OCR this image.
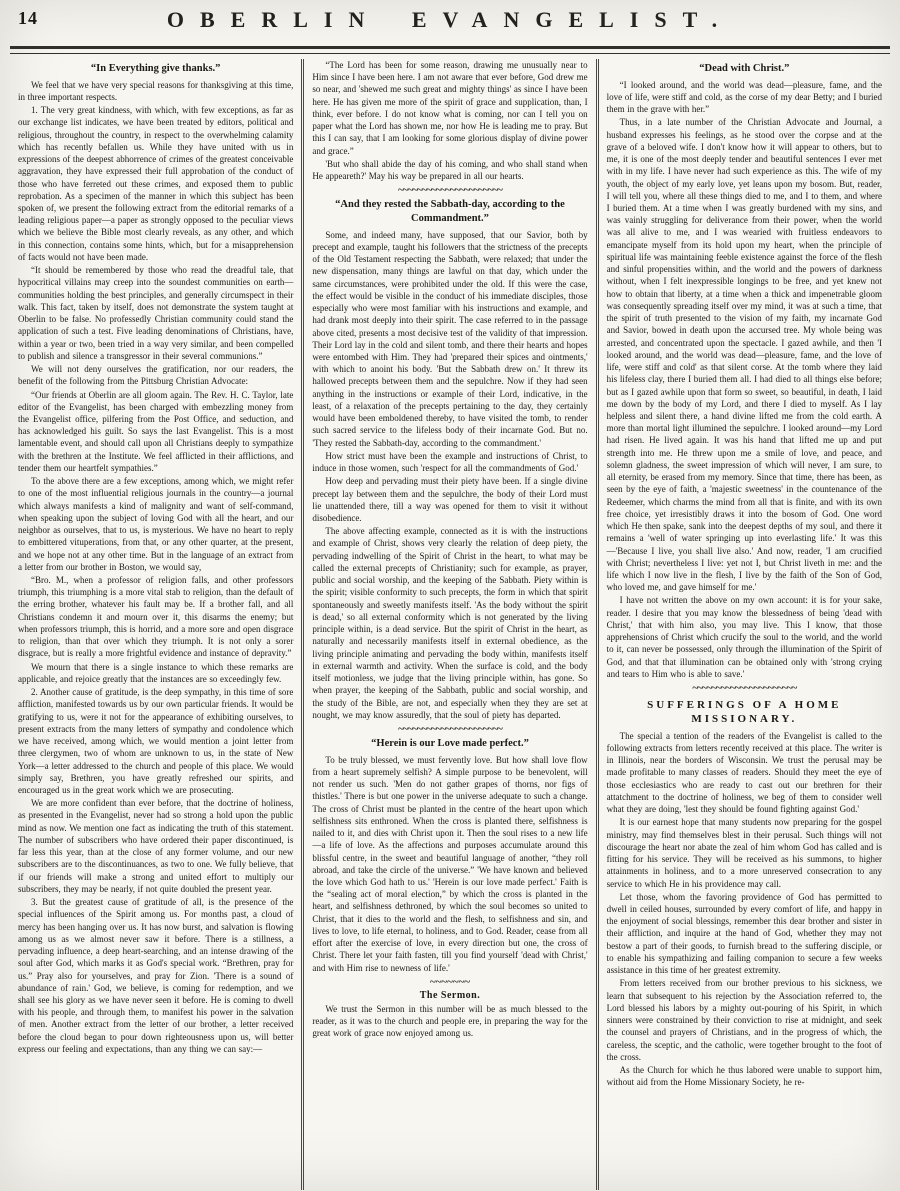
14	OBERLIN EVANGELIST.
“In Everything give thanks.”

We feel that we have very special reasons for thanksgiving at this time, in three important respects.

1. The very great kindness, with which, with few exceptions, as far as our exchange list indicates, we have been treated by editors, political and religious, throughout the country, in respect to the overwhelming calamity which has recently befallen us. While they have united with us in expressions of the deepest abhorrence of crimes of the greatest conceivable aggravation, they have expressed their full approbation of the conduct of those who have ferreted out these crimes, and exposed them to public reprobation. As a specimen of the manner in which this subject has been spoken of, we present the following extract from the editorial remarks of a leading religious paper—a paper as strongly opposed to the peculiar views which we believe the Bible most clearly reveals, as any other, and which in this connection, contains some hints, which, but for a misapprehension of facts would not have been made.

“It should be remembered by those who read the dreadful tale, that hypocritical villains may creep into the soundest communities on earth—communities holding the best principles, and generally circumspect in their walk. This fact, taken by itself, does not demonstrate the system taught at Oberlin to be false. No professedly Christian community could stand the application of such a test. Five leading denominations of Christians, have, within a year or two, been tried in a way very similar, and been compelled to publish and silence a transgressor in their several communions.”

We will not deny ourselves the gratification, nor our readers, the benefit of the following from the Pittsburg Christian Advocate:

“Our friends at Oberlin are all gloom again. The Rev. H. C. Taylor, late editor of the Evangelist, has been charged with embezzling money from the Evangelist office, pilfering from the Post Office, and seduction, and has acknowledged his guilt. So says the last Evangelist. This is a most lamentable event, and should call upon all Christians deeply to sympathize with the brethren at the Institute. We feel afflicted in their afflictions, and tender them our heartfelt sympathies.”

To the above there are a few exceptions, among which, we might refer to one of the most influential religious journals in the country—a journal which always manifests a kind of malignity and want of self-command, when speaking upon the subject of loving God with all the heart, and our neighbor as ourselves, that to us, is mysterious. We have no heart to reply to embittered vituperations, from that, or any other quarter, at the present, and we hope not at any other time. But in the language of an extract from a letter from our brother in Boston, we would say,

“Bro. M., when a professor of religion falls, and other professors triumph, this triumphing is a more vital stab to religion, than the default of the erring brother, whatever his fault may be. If a brother fall, and all Christians condemn it and mourn over it, this disarms the enemy; but when professors triumph, this is horrid, and a more sore and open disgrace to religion, than that over which they triumph. It is not only a sorer disgrace, but is really a more frightful evidence and instance of depravity.”

We mourn that there is a single instance to which these remarks are applicable, and rejoice greatly that the instances are so exceedingly few.

2. Another cause of gratitude, is the deep sympathy, in this time of sore affliction, manifested towards us by our own particular friends. It would be gratifying to us, were it not for the appearance of exhibiting ourselves, to present extracts from the many letters of sympathy and condolence which we have received, among which, we would mention a joint letter from three clergymen, two of whom are unknown to us, in the state of New York—a letter addressed to the church and people of this place. We would simply say, Brethren, you have greatly refreshed our spirits, and encouraged us in the great work which we are prosecuting.

We are more confident than ever before, that the doctrine of holiness, as presented in the Evangelist, never had so strong a hold upon the public mind as now. We mention one fact as indicating the truth of this statement. The number of subscribers who have ordered their paper discontinued, is far less this year, than at the close of any former volume, and our new subscribers are to the discontinuances, as two to one. We fully believe, that if our friends will make a strong and united effort to multiply our subscribers, they may be nearly, if not quite doubled the present year.

3. But the greatest cause of gratitude of all, is the presence of the special influences of the Spirit among us. For months past, a cloud of mercy has been hanging over us. It has now burst, and salvation is flowing among us as we almost never saw it before. There is a stillness, a pervading influence, a deep heart-searching, and an intense drawing of the soul after God, which marks it as God's special work. “Brethren, pray for us.” Pray also for yourselves, and pray for Zion. 'There is a sound of abundance of rain.' God, we believe, is coming for redemption, and we shall see his glory as we have never seen it before. He is coming to dwell with his people, and through them, to manifest his power in the salvation of men. Another extract from the letter of our brother, a letter received before the cloud began to pour down righteousness upon us, will better express our feeling and expectations, than any thing we can say:—

“The Lord has been for some reason, drawing me unusually near to Him since I have been here. I am not aware that ever before, God drew me so near, and 'shewed me such great and mighty things' as since I have been here. He has given me more of the spirit of grace and supplication, than, I think, ever before. I do not know what is coming, nor can I tell you on paper what the Lord has shown me, nor how He is leading me to pray. But this I can say, that I am looking for some glorious display of divine power and grace.”

'But who shall abide the day of his coming, and who shall stand when He appeareth?' May his way be prepared in all our hearts.

~~~~~~~~~~~~~~~~~~~~~~
“And they rested the Sabbath-day, according to the Commandment.”

Some, and indeed many, have supposed, that our Savior, both by precept and example, taught his followers that the strictness of the precepts of the Old Testament respecting the Sabbath, were relaxed; that under the new dispensation, many things are lawful on that day, which under the same circumstances, were prohibited under the old. If this were the case, the effect would be visible in the conduct of his immediate disciples, those especially who were most familiar with his instructions and example, and had drank most deeply into their spirit. The case referred to in the passage above cited, presents a most decisive test of the validity of that impression. Their Lord lay in the cold and silent tomb, and there their hearts and hopes were entombed with Him. They had 'prepared their spices and ointments,' with which to anoint his body. 'But the Sabbath drew on.' It threw its hallowed precepts between them and the sepulchre. Now if they had seen anything in the instructions or example of their Lord, indicative, in the least, of a relaxation of the precepts pertaining to the day, they certainly would have been emboldened thereby, to have visited the tomb, to render such sacred service to the lifeless body of their incarnate God. But no. 'They rested the Sabbath-day, according to the commandment.'

How strict must have been the example and instructions of Christ, to induce in those women, such 'respect for all the commandments of God.'

How deep and pervading must their piety have been. If a single divine precept lay between them and the sepulchre, the body of their Lord must lie unattended there, till a way was opened for them to visit it without disobedience.

The above affecting example, connected as it is with the instructions and example of Christ, shows very clearly the relation of deep piety, the pervading indwelling of the Spirit of Christ in the heart, to what may be called the external precepts of Christianity; such for example, as prayer, public and social worship, and the keeping of the Sabbath. Piety within is the spirit; visible conformity to such precepts, the form in which that spirit spontaneously and sweetly manifests itself. 'As the body without the spirit is dead,' so all external conformity which is not generated by the living principle within, is a dead service. But the spirit of Christ in the heart, as naturally and necessarily manifests itself in external obedience, as the living principle animating and pervading the body within, manifests itself in external warmth and activity. When the surface is cold, and the body itself motionless, we judge that the living principle within, has gone. So when prayer, the keeping of the Sabbath, public and social worship, and the study of the Bible, are not, and especially when they they are set at nought, we may know assuredly, that the soul of piety has departed.

~~~~~~~~~~~~~~~~~~~~~~
“Herein is our Love made perfect.”

To be truly blessed, we must fervently love. But how shall love flow from a heart supremely selfish? A simple purpose to be benevolent, will not render us such. 'Men do not gather grapes of thorns, nor figs of thistles.' There is but one power in the universe adequate to such a change. The cross of Christ must be planted in the centre of the heart upon which selfishness sits enthroned. When the cross is planted there, selfishness is nailed to it, and dies with Christ upon it. Then the soul rises to a new life—a life of love. As the affections and purposes accumulate around this blissful centre, in the sweet and beautiful language of another, “they roll abroad, and take the circle of the universe.” 'We have known and believed the love which God hath to us.' 'Herein is our love made perfect.' Faith is the “sealing act of moral election,” by which the cross is planted in the heart, and selfishness dethroned, by which the soul becomes so united to Christ, that it dies to the world and the flesh, to selfishness and sin, and lives to love, to life eternal, to holiness, and to God. Reader, cease from all effort after the exercise of love, in every direction but one, the cross of Christ. There let your faith fasten, till you find yourself 'dead with Christ,' and with Him rise to newness of life.'

~~~~~~~
The Sermon.

We trust the Sermon in this number will be as much blessed to the reader, as it was to the church and people ere, in preparing the way for the great work of grace now enjoyed among us.

“Dead with Christ.”

“I looked around, and the world was dead—pleasure, fame, and the love of life, were stiff and cold, as the corse of my dear Betty; and I buried them in the grave with her.”

Thus, in a late number of the Christian Advocate and Journal, a husband expresses his feelings, as he stood over the corpse and at the grave of a beloved wife. I don't know how it will appear to others, but to me, it is one of the most deeply tender and beautiful sentences I ever met with in my life. I have never had such experience as this. The wife of my youth, the object of my early love, yet leans upon my bosom. But, reader, I will tell you, where all these things died to me, and I to them, and where I buried them. At a time when I was greatly burdened with my sins, and was vainly struggling for deliverance from their power, when the world was all alive to me, and I was wearied with fruitless endeavors to emancipate myself from its hold upon my heart, when the principle of spiritual life was maintaining feeble existence against the force of the flesh and sinful propensities within, and the world and the powers of darkness without, when I felt inexpressible longings to be free, and yet knew not how to obtain that liberty, at a time when a thick and impenetrable gloom was consequently spreading itself over my mind, it was at such a time, that the spirit of truth presented to the vision of my faith, my incarnate God and Savior, bowed in death upon the accursed tree. My whole being was arrested, and concentrated upon the spectacle. I gazed awhile, and then 'I looked around, and the world was dead—pleasure, fame, and the love of life, were stiff and cold' as that silent corse. At the tomb where they laid his lifeless clay, there I buried them all. I had died to all things else before; but as I gazed awhile upon that form so sweet, so beautiful, in death, I laid me down by the body of my Lord, and there I died to myself. As I lay helpless and silent there, a hand divine lifted me from the cold earth. A more than mortal light illumined the sepulchre. I looked around—my Lord had risen. He lived again. It was his hand that lifted me up and put strength into me. He threw upon me a smile of love, and peace, and solemn gladness, the sweet impression of which will never, I am sure, to all eternity, be erased from my memory. Since that time, there has been, as seen by the eye of faith, a 'majestic sweetness' in the countenance of the Redeemer, which charms the mind from all that is finite, and with its own free choice, yet irresistibly draws it into the bosom of God. One word which He then spake, sank into the deepest depths of my soul, and there it remains a 'well of water springing up into everlasting life.' It was this—'Because I live, you shall live also.' And now, reader, 'I am crucified with Christ; nevertheless I live: yet not I, but Christ liveth in me: and the life which I now live in the flesh, I live by the faith of the Son of God, who loved me, and gave himself for me.'

I have not written the above on my own account: it is for your sake, reader. I desire that you may know the blessedness of being 'dead with Christ,' that with him also, you may live. This I know, that those apprehensions of Christ which crucify the soul to the world, and the world to it, can never be possessed, only through the illumination of the Spirit of God, and that that illumination can be obtained only with 'strong crying and tears to Him who is able to save.'

~~~~~~~~~~~~~~~~~~~~~~
SUFFERINGS OF A HOME MISSIONARY.

The special a tention of the readers of the Evangelist is called to the following extracts from letters recently received at this place. The writer is in Illinois, near the borders of Wisconsin. We trust the perusal may be made profitable to many classes of readers. Should they meet the eye of those ecclesiastics who are ready to cast out our brethren for their attatchment to the doctrine of holiness, we beg of them to consider well what they are doing, 'lest they should be found fighting against God.'

It is our earnest hope that many students now preparing for the gospel ministry, may find themselves blest in their perusal. Such things will not discourage the heart nor abate the zeal of him whom God has called and is fitting for his service. They will be received as his summons, to higher attainments in holiness, and to a more unreserved consecration to any service to which He in his providence may call.

Let those, whom the favoring providence of God has permitted to dwell in ceiled houses, surrounded by every comfort of life, and happy in the enjoyment of social blessings, remember this dear brother and sister in their affliction, and inquire at the hand of God, whether they may not bestow a part of their goods, to furnish bread to the suffering disciple, or to enable his sympathizing and failing companion to secure a few weeks assistance in this time of her greatest extremity.

From letters received from our brother previous to his sickness, we learn that subsequent to his rejection by the Association referred to, the Lord blessed his labors by a mighty out-pouring of his Spirit, in which sinners were constrained by their conviction to rise at midnight, and seek the counsel and prayers of Christians, and in the progress of which, the careless, the sceptic, and the catholic, were together brought to the foot of the cross.

As the Church for which he thus labored were unable to support him, without aid from the Home Missionary Society, he re-
